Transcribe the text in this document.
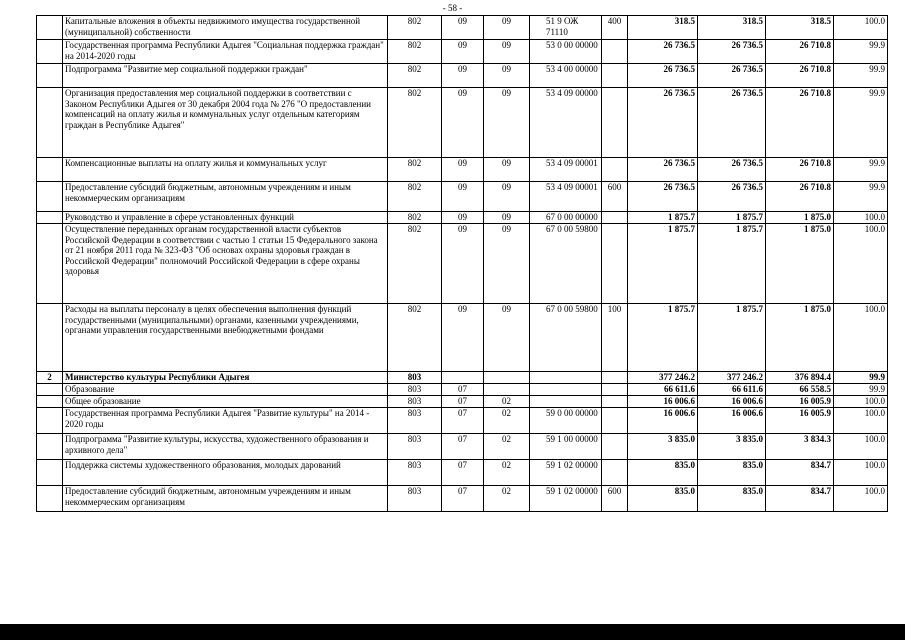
- 58 -
	Капитальные вложения в объекты недвижимого имущества государственной (муниципальной) собственности	802	09	09	51 9 ОЖ 71110	400	318.5	318.5	318.5	100.0
	Государственная программа Республики Адыгея "Социальная поддержка граждан" на 2014-2020 годы	802	09	09	53 0 00 00000		26 736.5	26 736.5	26 710.8	99.9
	Подпрограмма "Развитие мер социальной поддержки граждан"	802	09	09	53 4 00 00000		26 736.5	26 736.5	26 710.8	99.9
	Организация предоставления мер социальной поддержки в соответствии с Законом Республики Адыгея от 30 декабря 2004 года № 276 "О предоставлении компенсаций на оплату жилья и коммунальных услуг отдельным категориям граждан в Республике Адыгея"	802	09	09	53 4 09 00000		26 736.5	26 736.5	26 710.8	99.9
	Компенсационные выплаты на оплату жилья и коммунальных услуг	802	09	09	53 4 09 00001		26 736.5	26 736.5	26 710.8	99.9
	Предоставление субсидий бюджетным, автономным учреждениям и иным некоммерческим организациям	802	09	09	53 4 09 00001	600	26 736.5	26 736.5	26 710.8	99.9
	Руководство и управление в сфере установленных функций	802	09	09	67 0 00 00000		1 875.7	1 875.7	1 875.0	100.0
	Осуществление переданных органам государственной власти субъектов Российской Федерации в соответствии с частью 1 статьи 15 Федерального закона от 21 ноября 2011 года № 323-ФЗ "Об основах охраны здоровья граждан в Российской Федерации" полномочий Российской Федерации в сфере охраны здоровья	802	09	09	67 0 00 59800		1 875.7	1 875.7	1 875.0	100.0
	Расходы на выплаты персоналу в целях обеспечения выполнения функций государственными (муниципальными) органами, казенными учреждениями, органами управления государственными внебюджетными фондами	802	09	09	67 0 00 59800	100	1 875.7	1 875.7	1 875.0	100.0
2	Министерство культуры Республики Адыгея	803					377 246.2	377 246.2	376 894.4	99.9
	Образование	803	07				66 611.6	66 611.6	66 558.5	99.9
	Общее образование	803	07	02			16 006.6	16 006.6	16 005.9	100.0
	Государственная программа Республики Адыгея "Развитие культуры" на 2014 - 2020 годы	803	07	02	59 0 00 00000		16 006.6	16 006.6	16 005.9	100.0
	Подпрограмма "Развитие культуры, искусства, художественного образования и архивного дела"	803	07	02	59 1 00 00000		3 835.0	3 835.0	3 834.3	100.0
	Поддержка системы художественного образования, молодых дарований	803	07	02	59 1 02 00000		835.0	835.0	834.7	100.0
	Предоставление субсидий бюджетным, автономным учреждениям и иным некоммерческим организациям	803	07	02	59 1 02 00000	600	835.0	835.0	834.7	100.0
